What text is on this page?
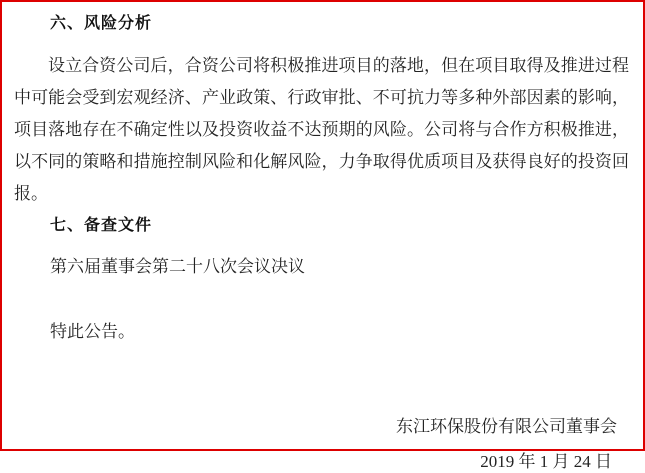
六、风险分析

设立合资公司后，合资公司将积极推进项目的落地，但在项目取得及推进过程中可能会受到宏观经济、产业政策、行政审批、不可抗力等多种外部因素的影响，项目落地存在不确定性以及投资收益不达预期的风险。公司将与合作方积极推进，以不同的策略和措施控制风险和化解风险，力争取得优质项目及获得良好的投资回报。

七、备查文件

第六届董事会第二十八次会议决议

特此公告。

东江环保股份有限公司董事会
2019 年 1 月 24 日
